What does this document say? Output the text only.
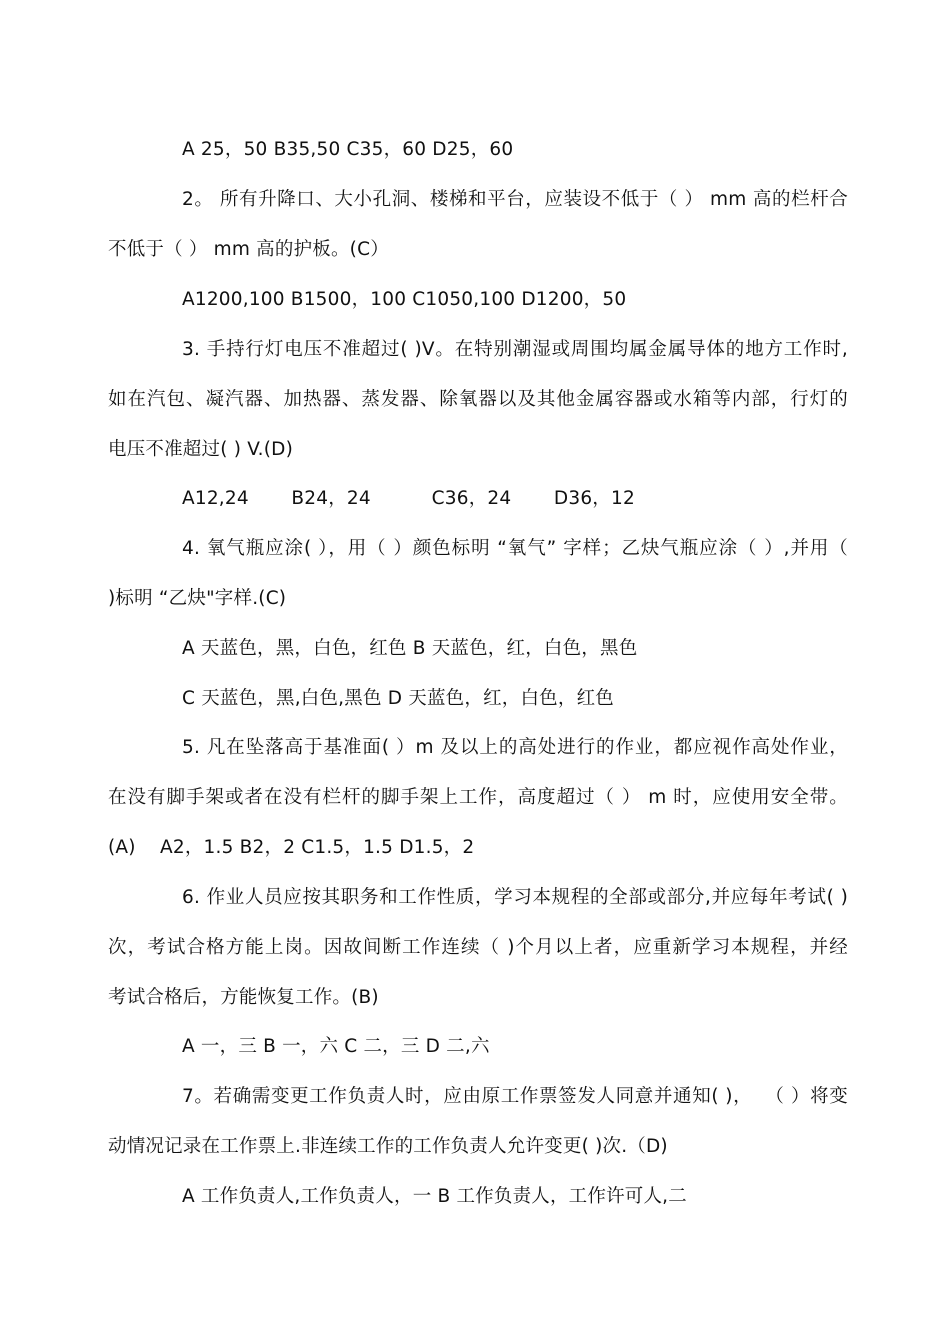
A 25，50 B35,50 C35，60 D25，60
2。 所有升降口、大小孔洞、楼梯和平台，应装设不低于（ ） mm 高的栏杆合
不低于（ ） mm 高的护板。(C）
A1200,100 B1500，100 C1050,100 D1200，50
3. 手持行灯电压不准超过( )V。在特别潮湿或周围均属金属导体的地方工作时,
如在汽包、凝汽器、加热器、蒸发器、除氧器以及其他金属容器或水箱等内部，行灯的
电压不准超过( ) V.(D)
A12,24       B24，24          C36，24       D36，12
4. 氧气瓶应涂( ），用（ ）颜色标明 “氧气” 字样；乙炔气瓶应涂（ ）,并用（
)标明 “乙炔"字样.(C)
A 天蓝色，黑，白色，红色 B 天蓝色，红，白色，黑色
C 天蓝色，黑,白色,黑色 D 天蓝色，红，白色，红色
5. 凡在坠落高于基准面( ）m 及以上的高处进行的作业，都应视作高处作业，
在没有脚手架或者在没有栏杆的脚手架上工作，高度超过（ ） m 时，应使用安全带。
(A)    A2，1.5 B2，2 C1.5，1.5 D1.5，2
6. 作业人员应按其职务和工作性质，学习本规程的全部或部分,并应每年考试( )
次，考试合格方能上岗。因故间断工作连续（ )个月以上者，应重新学习本规程，并经
考试合格后，方能恢复工作。(B)
A 一，三 B 一，六 C 二，三 D 二,六
7。若确需变更工作负责人时，应由原工作票签发人同意并通知( )，  （ ）将变
动情况记录在工作票上.非连续工作的工作负责人允许变更( )次.（D)
A 工作负责人,工作负责人，一 B 工作负责人，工作许可人,二
